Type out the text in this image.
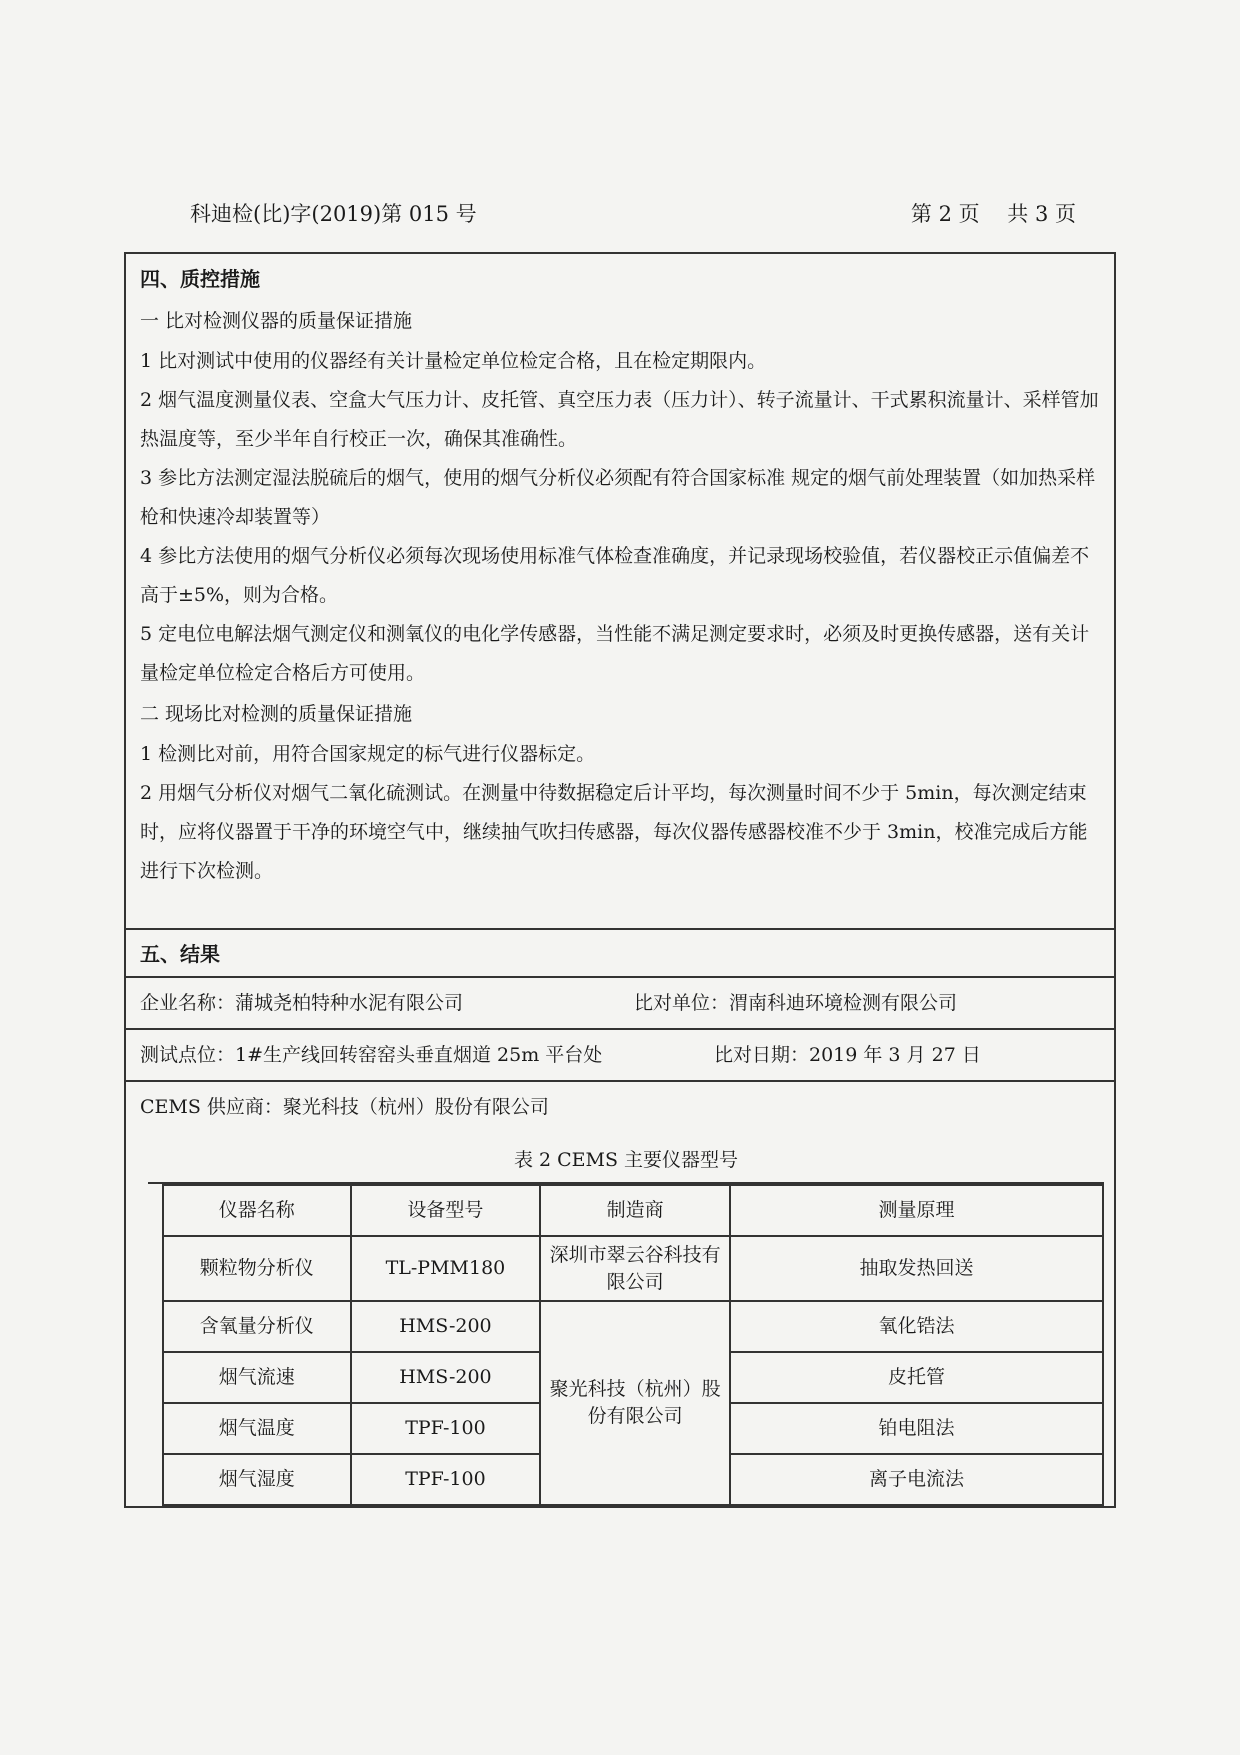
科迪检(比)字(2019)第 015 号	第 2 页　 共 3 页

四、质控措施

一 比对检测仪器的质量保证措施

1 比对测试中使用的仪器经有关计量检定单位检定合格，且在检定期限内。

2 烟气温度测量仪表、空盒大气压力计、皮托管、真空压力表（压力计）、转子流量计、干式累积流量计、采样管加热温度等，至少半年自行校正一次，确保其准确性。

3 参比方法测定湿法脱硫后的烟气，使用的烟气分析仪必须配有符合国家标准 规定的烟气前处理装置（如加热采样枪和快速冷却装置等）

4 参比方法使用的烟气分析仪必须每次现场使用标准气体检查准确度，并记录现场校验值，若仪器校正示值偏差不高于±5%，则为合格。

5 定电位电解法烟气测定仪和测氧仪的电化学传感器，当性能不满足测定要求时，必须及时更换传感器，送有关计量检定单位检定合格后方可使用。

二 现场比对检测的质量保证措施

1 检测比对前，用符合国家规定的标气进行仪器标定。

2 用烟气分析仪对烟气二氧化硫测试。在测量中待数据稳定后计平均，每次测量时间不少于 5min，每次测定结束时，应将仪器置于干净的环境空气中，继续抽气吹扫传感器，每次仪器传感器校准不少于 3min，校准完成后方能进行下次检测。

五、结果
企业名称：蒲城尧柏特种水泥有限公司	比对单位：渭南科迪环境检测有限公司
测试点位：1#生产线回转窑窑头垂直烟道 25m 平台处	比对日期：2019 年 3 月 27 日
CEMS 供应商：聚光科技（杭州）股份有限公司
表 2 CEMS 主要仪器型号
仪器名称	设备型号	制造商	测量原理
颗粒物分析仪	TL-PMM180	深圳市翠云谷科技有限公司	抽取发热回送
含氧量分析仪	HMS-200	聚光科技（杭州）股份有限公司	氧化锆法
烟气流速	HMS-200		皮托管
烟气温度	TPF-100		铂电阻法
烟气湿度	TPF-100		离子电流法
